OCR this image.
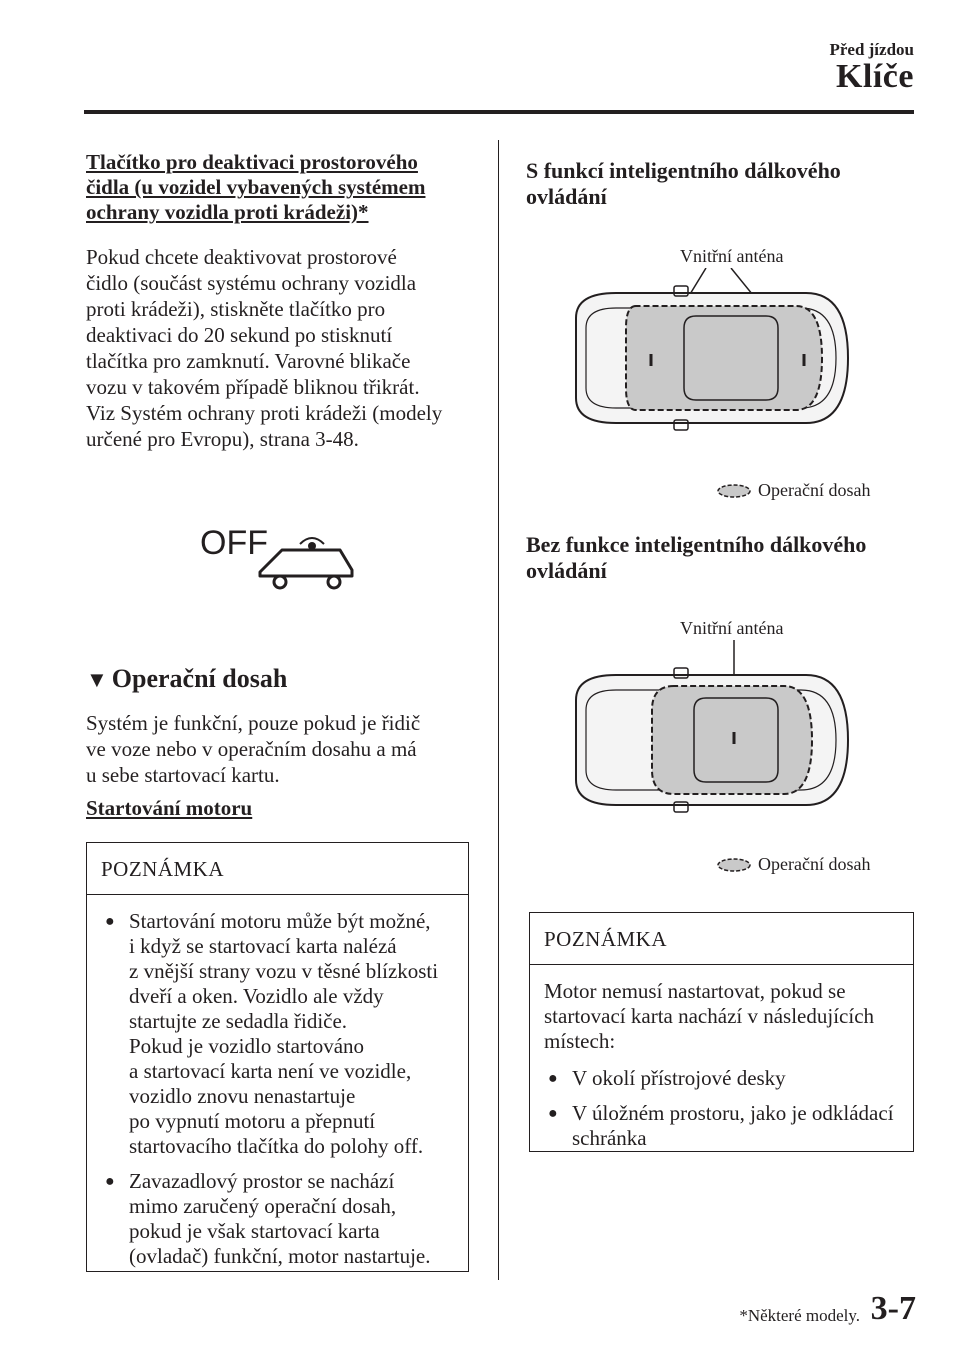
Před jízdou
Klíče
Tlačítko pro deaktivaci prostorového
čidla (u vozidel vybavených systémem
ochrany vozidla proti krádeži)*
Pokud chcete deaktivovat prostorové
čidlo (součást systému ochrany vozidla
proti krádeži), stiskněte tlačítko pro
deaktivaci do 20 sekund po stisknutí
tlačítka pro zamknutí. Varovné blikače
vozu v takovém případě bliknou třikrát.
Viz Systém ochrany proti krádeži (modely
určené pro Evropu), strana 3-48.
OFF
▼ Operační dosah
Systém je funkční, pouze pokud je řidič
ve voze nebo v operačním dosahu a má
u sebe startovací kartu.
Startování motoru
POZNÁMKA
● Startování motoru může být možné,
i když se startovací karta nalézá
z vnější strany vozu v těsné blízkosti
dveří a oken. Vozidlo ale vždy
startujte ze sedadla řidiče.
Pokud je vozidlo startováno
a startovací karta není ve vozidle,
vozidlo znovu nenastartuje
po vypnutí motoru a přepnutí
startovacího tlačítka do polohy off.
● Zavazadlový prostor se nachází
mimo zaručený operační dosah,
pokud je však startovací karta
(ovladač) funkční, motor nastartuje.
S funkcí inteligentního dálkového
ovládání
Vnitřní anténa
Operační dosah
Bez funkce inteligentního dálkového
ovládání
Vnitřní anténa
Operační dosah
POZNÁMKA
Motor nemusí nastartovat, pokud se
startovací karta nachází v následujících
místech:
● V okolí přístrojové desky
● V úložném prostoru, jako je odkládací
schránka
*Některé modely. 3-7
